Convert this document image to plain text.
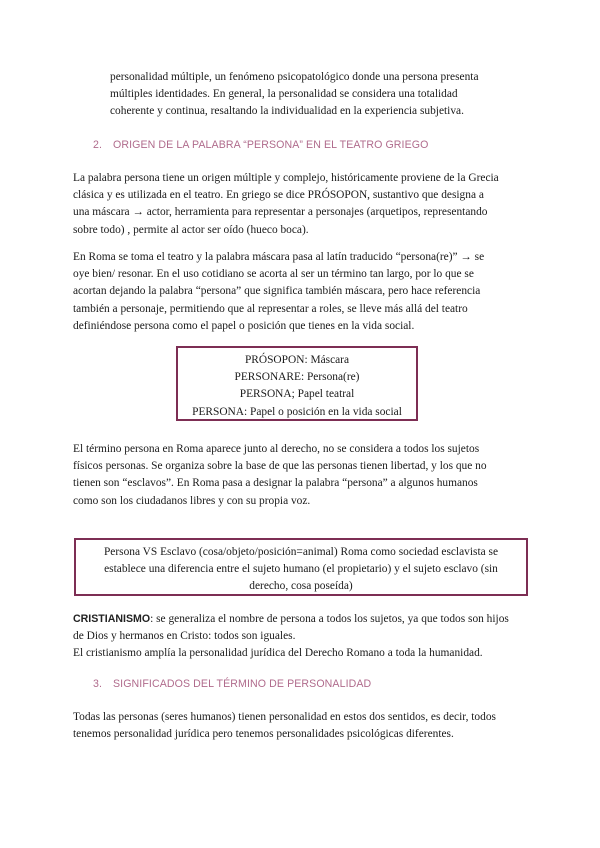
personalidad múltiple, un fenómeno psicopatológico donde una persona presenta

múltiples identidades. En general, la personalidad se considera una totalidad

coherente y continua, resaltando la individualidad en la experiencia subjetiva.

2. ORIGEN DE LA PALABRA “PERSONA” EN EL TEATRO GRIEGO

La palabra persona tiene un origen múltiple y complejo, históricamente proviene de la Grecia

clásica y es utilizada en el teatro. En griego se dice PRÓSOPON, sustantivo que designa a

una máscara → actor, herramienta para representar a personajes (arquetipos, representando

sobre todo) , permite al actor ser oído (hueco boca).

En Roma se toma el teatro y la palabra máscara pasa al latín traducido “persona(re)” → se

oye bien/ resonar. En el uso cotidiano se acorta al ser un término tan largo, por lo que se

acortan dejando la palabra “persona” que significa también máscara, pero hace referencia

también a personaje, permitiendo que al representar a roles, se lleve más allá del teatro

definiéndose persona como el papel o posición que tienes en la vida social.

PRÓSOPON: Máscara

PERSONARE: Persona(re)

PERSONA; Papel teatral

PERSONA: Papel o posición en la vida social

El término persona en Roma aparece junto al derecho, no se considera a todos los sujetos

físicos personas. Se organiza sobre la base de que las personas tienen libertad, y los que no

tienen son “esclavos”. En Roma pasa a designar la palabra “persona” a algunos humanos

como son los ciudadanos libres y con su propia voz.

Persona VS Esclavo (cosa/objeto/posición=animal) Roma como sociedad esclavista se
establece una diferencia entre el sujeto humano (el propietario) y el sujeto esclavo (sin
derecho, cosa poseída)

CRISTIANISMO: se generaliza el nombre de persona a todos los sujetos, ya que todos son hijos

de Dios y hermanos en Cristo: todos son iguales.

El cristianismo amplía la personalidad jurídica del Derecho Romano a toda la humanidad.

3. SIGNIFICADOS DEL TÉRMINO DE PERSONALIDAD

Todas las personas (seres humanos) tienen personalidad en estos dos sentidos, es decir, todos

tenemos personalidad jurídica pero tenemos personalidades psicológicas diferentes.
